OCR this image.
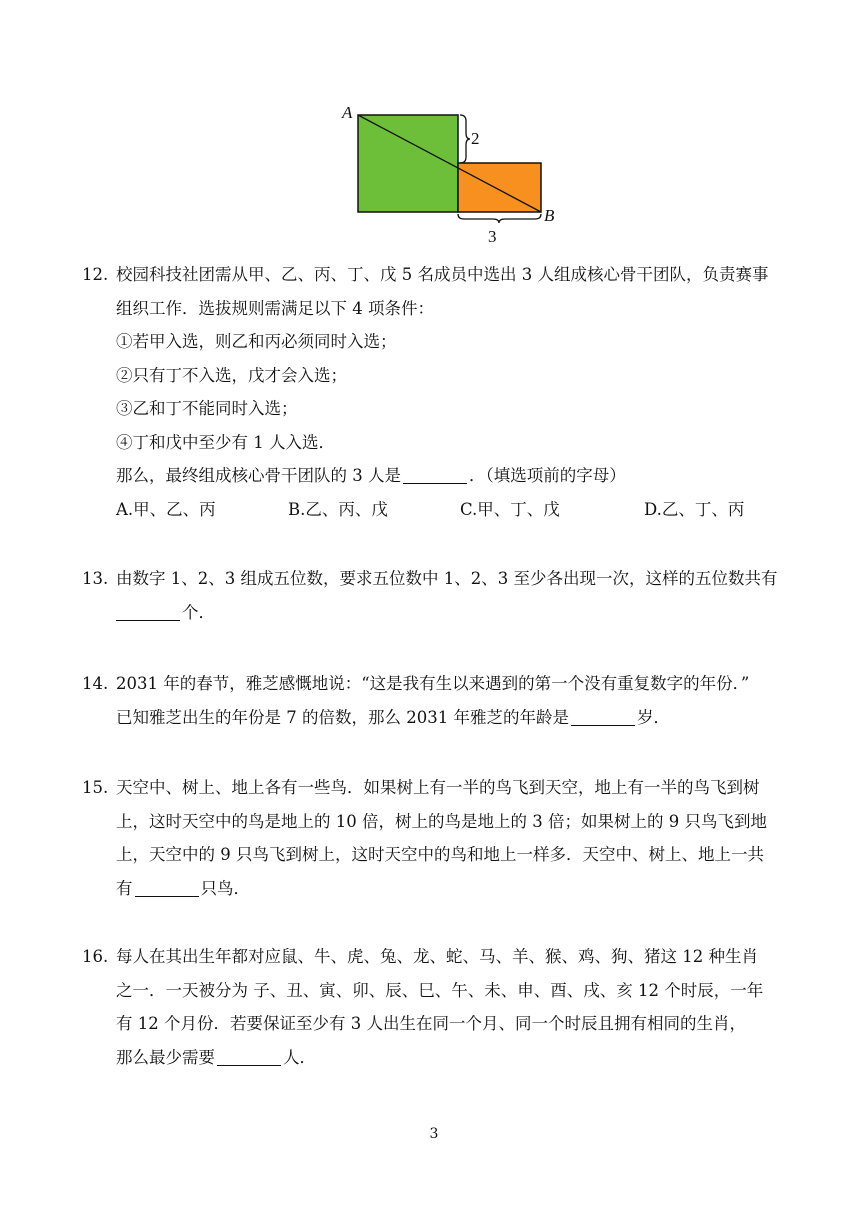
A
B
2
3
12. 校园科技社团需从甲、乙、丙、丁、戊 5 名成员中选出 3 人组成核心骨干团队，负责赛事
组织工作．选拔规则需满足以下 4 项条件：
①若甲入选，则乙和丙必须同时入选；
②只有丁不入选，戊才会入选；
③乙和丁不能同时入选；
④丁和戊中至少有 1 人入选．
那么，最终组成核心骨干团队的 3 人是	．（填选项前的字母）
A.甲、乙、丙	B.乙、丙、戊	C.甲、丁、戊	D.乙、丁、丙
13. 由数字 1、2、3 组成五位数，要求五位数中 1、2、3 至少各出现一次，这样的五位数共有
个．
14. 2031 年的春节，雅芝感慨地说：“这是我有生以来遇到的第一个没有重复数字的年份．”
已知雅芝出生的年份是 7 的倍数，那么 2031 年雅芝的年龄是	岁．
15. 天空中、树上、地上各有一些鸟．如果树上有一半的鸟飞到天空，地上有一半的鸟飞到树
上，这时天空中的鸟是地上的 10 倍，树上的鸟是地上的 3 倍；如果树上的 9 只鸟飞到地
上，天空中的 9 只鸟飞到树上，这时天空中的鸟和地上一样多．天空中、树上、地上一共
有	只鸟．
16. 每人在其出生年都对应鼠、牛、虎、兔、龙、蛇、马、羊、猴、鸡、狗、猪这 12 种生肖
之一．一天被分为 子、丑、寅、卯、辰、巳、午、未、申、酉、戌、亥 12 个时辰，一年
有 12 个月份．若要保证至少有 3 人出生在同一个月、同一个时辰且拥有相同的生肖，
那么最少需要	人．
3
